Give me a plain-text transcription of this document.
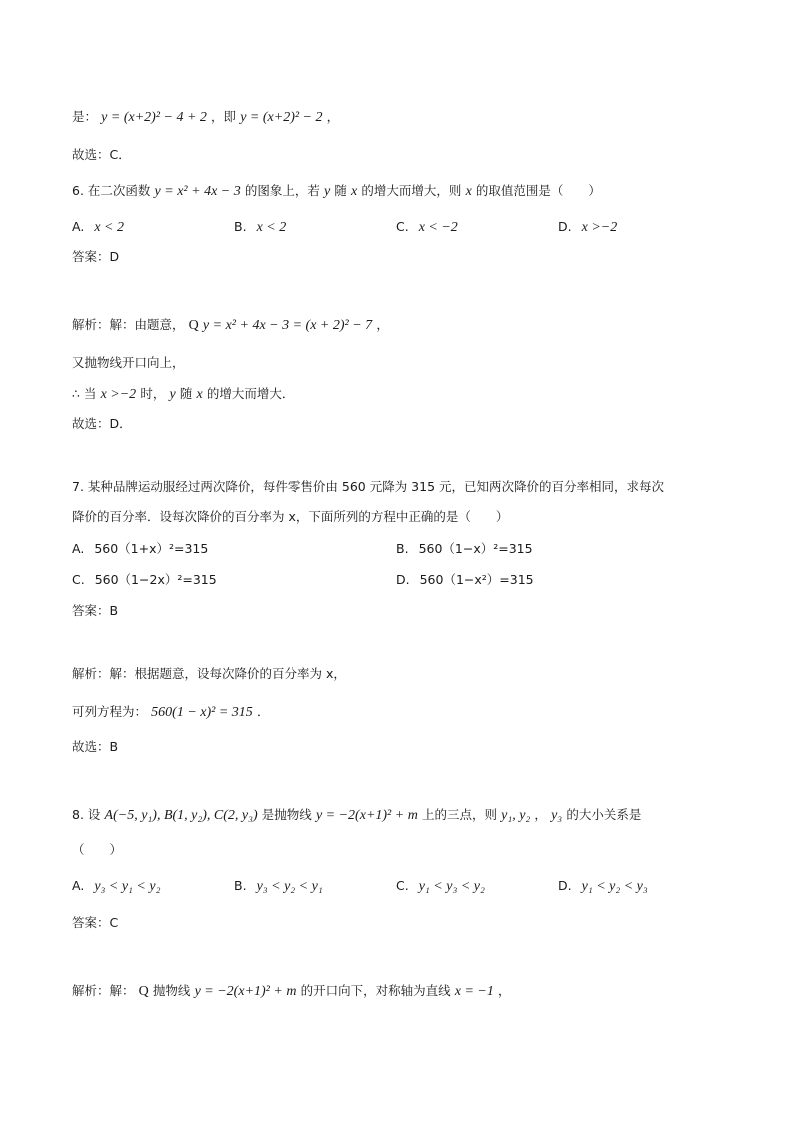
是： y = (x+2)² − 4 + 2 ，即 y = (x+2)² − 2 ，
故选：C．
6. 在二次函数 y = x² + 4x − 3 的图象上，若 y 随 x 的增大而增大，则 x 的取值范围是（　　）
A. x < 2	B. x < 2	C. x < −2	D. x >−2
答案：D
解析：解：由题意， Q y = x² + 4x − 3 = (x + 2)² − 7 ，
又抛物线开口向上，
∴ 当 x >−2 时， y 随 x 的增大而增大．
故选：D．
7. 某种品牌运动服经过两次降价，每件零售价由 560 元降为 315 元，已知两次降价的百分率相同，求每次
降价的百分率．设每次降价的百分率为 x，下面所列的方程中正确的是（　　）
A. 560（1+x）²=315	B. 560（1−x）²=315
C. 560（1−2x）²=315	D. 560（1−x²）=315
答案：B
解析：解：根据题意，设每次降价的百分率为 x，
可列方程为： 560(1 − x)² = 315 ．
故选：B
8. 设 A(−5, y₁), B(1, y₂), C(2, y₃) 是抛物线 y = −2(x+1)² + m 上的三点，则 y₁, y₂ ， y₃ 的大小关系是
（　　）
A. y₃ < y₁ < y₂	B. y₃ < y₂ < y₁	C. y₁ < y₃ < y₂	D. y₁ < y₂ < y₃
答案：C
解析：解： Q 抛物线 y = −2(x+1)² + m 的开口向下，对称轴为直线 x = −1 ，
